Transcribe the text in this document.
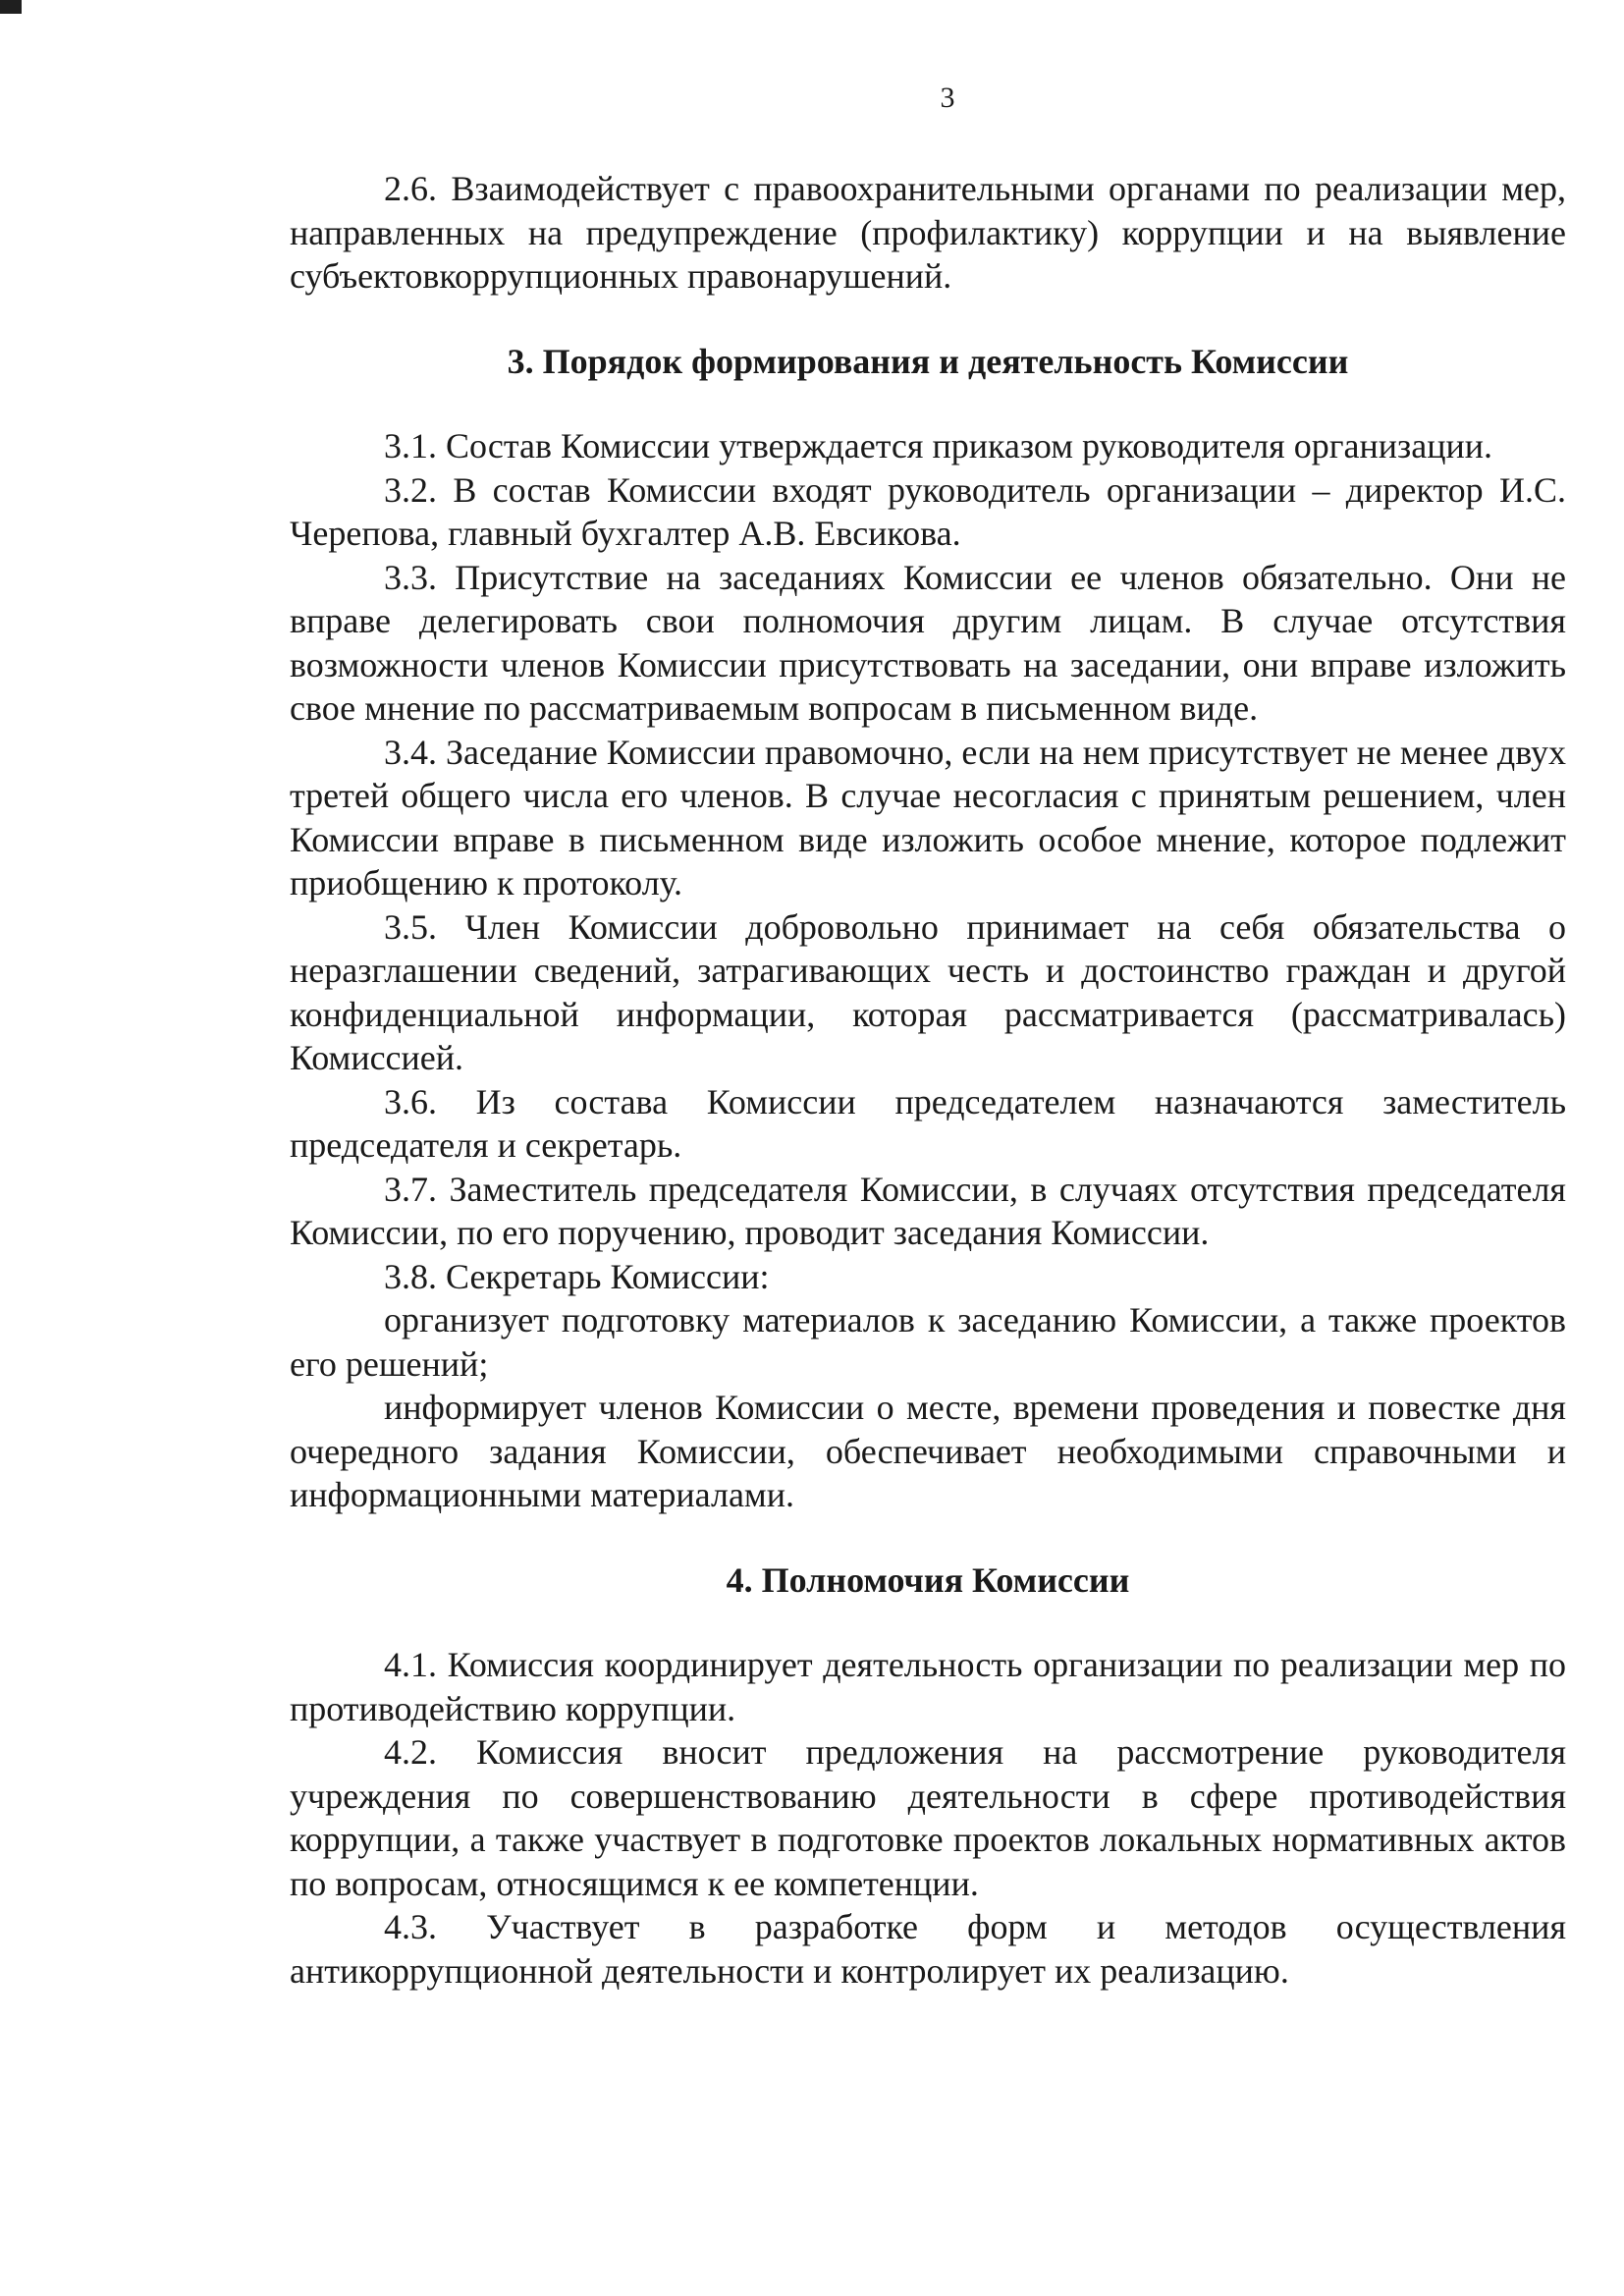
3

2.6. Взаимодействует с правоохранительными органами по реализации мер, направленных на предупреждение (профилактику) коррупции и на выявление субъектовкоррупционных правонарушений.

3. Порядок формирования и деятельность Комиссии

3.1. Состав Комиссии утверждается приказом руководителя организации.

3.2. В состав Комиссии входят руководитель организации – директор И.С. Черепова, главный бухгалтер А.В. Евсикова.

3.3. Присутствие на заседаниях Комиссии ее членов обязательно. Они не вправе делегировать свои полномочия другим лицам. В случае отсутствия возможности членов Комиссии присутствовать на заседании, они вправе изложить свое мнение по рассматриваемым вопросам в письменном виде.

3.4. Заседание Комиссии правомочно, если на нем присутствует не менее двух третей общего числа его членов. В случае несогласия с принятым решением, член Комиссии вправе в письменном виде изложить особое мнение, которое подлежит приобщению к протоколу.

3.5. Член Комиссии добровольно принимает на себя обязательства о неразглашении сведений, затрагивающих честь и достоинство граждан и другой конфиденциальной информации, которая рассматривается (рассматривалась) Комиссией.

3.6. Из состава Комиссии председателем назначаются заместитель председателя и секретарь.

3.7. Заместитель председателя Комиссии, в случаях отсутствия председателя Комиссии, по его поручению, проводит заседания Комиссии.

3.8. Секретарь Комиссии:

организует подготовку материалов к заседанию Комиссии, а также проектов его решений;

информирует членов Комиссии о месте, времени проведения и повестке дня очередного задания Комиссии, обеспечивает необходимыми справочными и информационными материалами.

4. Полномочия Комиссии

4.1. Комиссия координирует деятельность организации по реализации мер по противодействию коррупции.

4.2. Комиссия вносит предложения на рассмотрение руководителя учреждения по совершенствованию деятельности в сфере противодействия коррупции, а также участвует в подготовке проектов локальных нормативных актов по вопросам, относящимся к ее компетенции.

4.3. Участвует в разработке форм и методов осуществления антикоррупционной деятельности и контролирует их реализацию.
